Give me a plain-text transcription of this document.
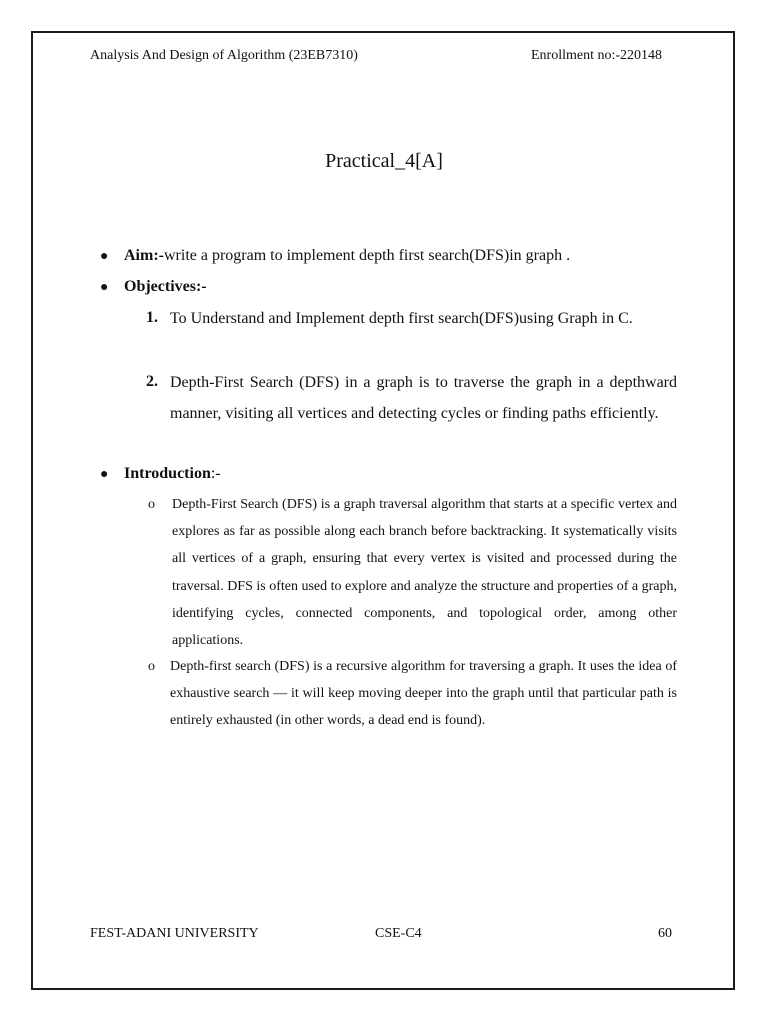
Analysis And Design of Algorithm (23EB7310)	Enrollment no:-220148
Practical_4[A]
● Aim:-write a program to implement depth first search(DFS)in graph .
● Objectives:-
1. To Understand and Implement depth first search(DFS)using Graph in C.
2. Depth-First Search (DFS) in a graph is to traverse the graph in a depthward manner, visiting all vertices and detecting cycles or finding paths efficiently.
● Introduction:-
o Depth-First Search (DFS) is a graph traversal algorithm that starts at a specific vertex and explores as far as possible along each branch before backtracking. It systematically visits all vertices of a graph, ensuring that every vertex is visited and processed during the traversal. DFS is often used to explore and analyze the structure and properties of a graph, identifying cycles, connected components, and topological order, among other applications.
o Depth-first search (DFS) is a recursive algorithm for traversing a graph. It uses the idea of exhaustive search — it will keep moving deeper into the graph until that particular path is entirely exhausted (in other words, a dead end is found).
FEST-ADANI UNIVERSITY	CSE-C4	60
